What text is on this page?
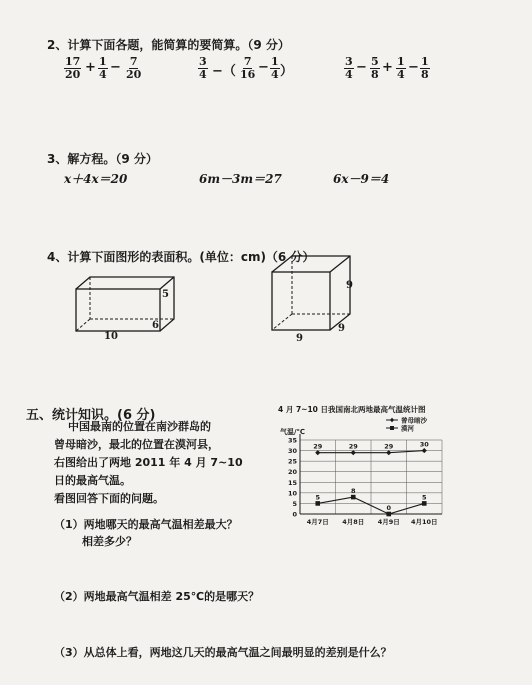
2、计算下面各题，能简算的要简算。（9 分）
$\frac{17}{20} + \frac{1}{4} - \frac{7}{20}$	$\frac{3}{4}$ −（ $\frac{7}{16} - \frac{1}{4}$ ）	$\frac{3}{4} - \frac{5}{8} + \frac{1}{4} - \frac{1}{8}$
3、解方程。（9 分）
x＋4x＝20	6m－3m＝27	6x－9＝4
4、计算下面图形的表面积。(单位：cm)（6 分）
5
6
10
9
9
9
五、统计知识。(6 分)
中国最南的位置在南沙群岛的
曾母暗沙，最北的位置在漠河县，
右图给出了两地 2011 年 4 月 7~10
日的最高气温。
看图回答下面的问题。
（1）两地哪天的最高气温相差最大？
相差多少？
（2）两地最高气温相差 25℃的是哪天？
（3）从总体上看，两地这几天的最高气温之间最明显的差别是什么？
4 月 7~10 日我国南北两地最高气温统计图
气温/℃
曾母暗沙
漠河
0
5
10
15
20
25
30
35
4月7日 4月8日 4月9日 4月10日
29	29	29	30
5
8
0
5
